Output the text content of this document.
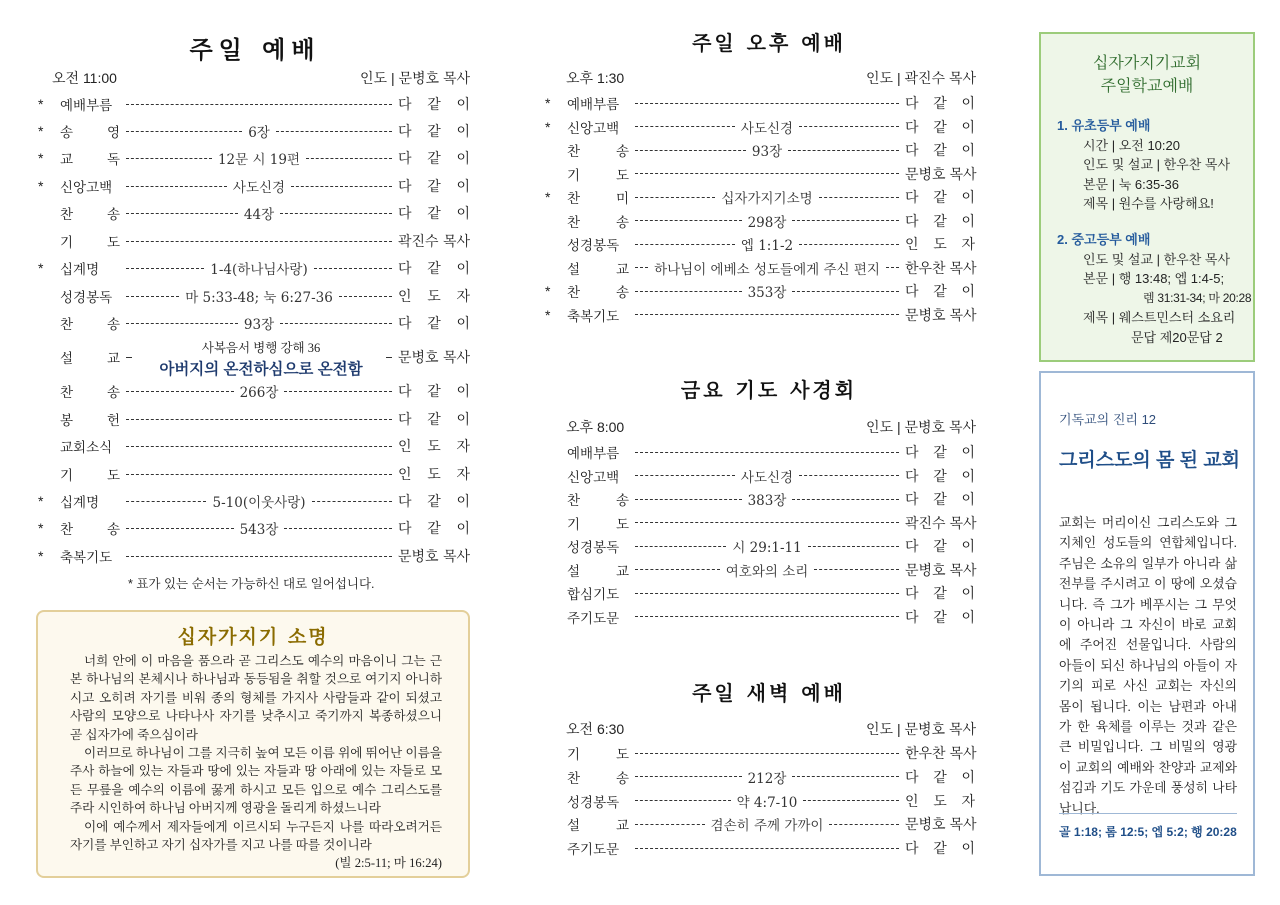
주일 예배
오전 11:00	인도 | 문병호 목사
*	예배부름	다 같 이
*	송 영	6장	다 같 이
*	교 독	12문 시 19편	다 같 이
*	신앙고백	사도신경	다 같 이
찬 송	44장	다 같 이
기 도	곽진수 목사
*	십계명	1-4(하나님사랑)	다 같 이
성경봉독	마 5:33-48; 눅 6:27-36	인 도 자
찬 송	93장	다 같 이
설 교	문병호 목사
찬 송	266장	다 같 이
봉 헌	다 같 이
교회소식	인 도 자
기 도	인 도 자
*	십계명	5-10(이웃사랑)	다 같 이
*	찬 송	543장	다 같 이
*	축복기도	문병호 목사
사복음서 병행 강해 36
아버지의 온전하심으로 온전함
* 표가 있는 순서는 가능하신 대로 일어섭니다.
십자가지기 소명
너희 안에 이 마음을 품으라 곧 그리스도 예수의 마음이니 그는 근본 하나님의 본체시나 하나님과 동등됨을 취할 것으로 여기지 아니하시고 오히려 자기를 비워 종의 형체를 가지사 사람들과 같이 되셨고 사람의 모양으로 나타나사 자기를 낮추시고 죽기까지 복종하셨으니 곧 십자가에 죽으심이라
이러므로 하나님이 그를 지극히 높여 모든 이름 위에 뛰어난 이름을 주사 하늘에 있는 자들과 땅에 있는 자들과 땅 아래에 있는 자들로 모든 무릎을 예수의 이름에 꿇게 하시고 모든 입으로 예수 그리스도를 주라 시인하여 하나님 아버지께 영광을 돌리게 하셨느니라
이에 예수께서 제자들에게 이르시되 누구든지 나를 따라오려거든 자기를 부인하고 자기 십자가를 지고 나를 따를 것이니라
(빌 2:5-11; 마 16:24)
주일 오후 예배
오후 1:30	인도 | 곽진수 목사
*	예배부름	다 같 이
*	신앙고백	사도신경	다 같 이
찬 송	93장	다 같 이
기 도	문병호 목사
*	찬 미	십자가지기소명	다 같 이
찬 송	298장	다 같 이
성경봉독	엡 1:1-2	인 도 자
설 교	하나님이 에베소 성도들에게 주신 편지	한우찬 목사
*	찬 송	353장	다 같 이
*	축복기도	문병호 목사
금요 기도 사경회
오후 8:00	인도 | 문병호 목사
예배부름	다 같 이
신앙고백	사도신경	다 같 이
찬 송	383장	다 같 이
기 도	곽진수 목사
성경봉독	시 29:1-11	다 같 이
설 교	여호와의 소리	문병호 목사
합심기도	다 같 이
주기도문	다 같 이
주일 새벽 예배
오전 6:30	인도 | 문병호 목사
기 도	한우찬 목사
찬 송	212장	다 같 이
성경봉독	약 4:7-10	인 도 자
설 교	겸손히 주께 가까이	문병호 목사
주기도문	다 같 이
십자가지기교회
주일학교예배
1. 유초등부 예배
시간 | 오전 10:20
인도 및 설교 | 한우찬 목사
본문 | 눅 6:35-36
제목 | 원수를 사랑해요!
2. 중고등부 예배
인도 및 설교 | 한우찬 목사
본문 | 행 13:48; 엡 1:4-5;
렘 31:31-34; 마 20:28
제목 | 웨스트민스터 소요리
문답 제20문답 2
기독교의 진리 12
그리스도의 몸 된 교회
교회는 머리이신 그리스도와 그 지체인 성도들의 연합체입니다. 주님은 소유의 일부가 아니라 삶 전부를 주시려고 이 땅에 오셨습니다. 즉 그가 베푸시는 그 무엇이 아니라 그 자신이 바로 교회에 주어진 선물입니다. 사람의 아들이 되신 하나님의 아들이 자기의 피로 사신 교회는 자신의 몸이 됩니다. 이는 남편과 아내가 한 육체를 이루는 것과 같은 큰 비밀입니다. 그 비밀의 영광이 교회의 예배와 찬양과 교제와 섬김과 기도 가운데 풍성히 나타납니다.
골 1:18; 롬 12:5; 엡 5:2; 행 20:28
